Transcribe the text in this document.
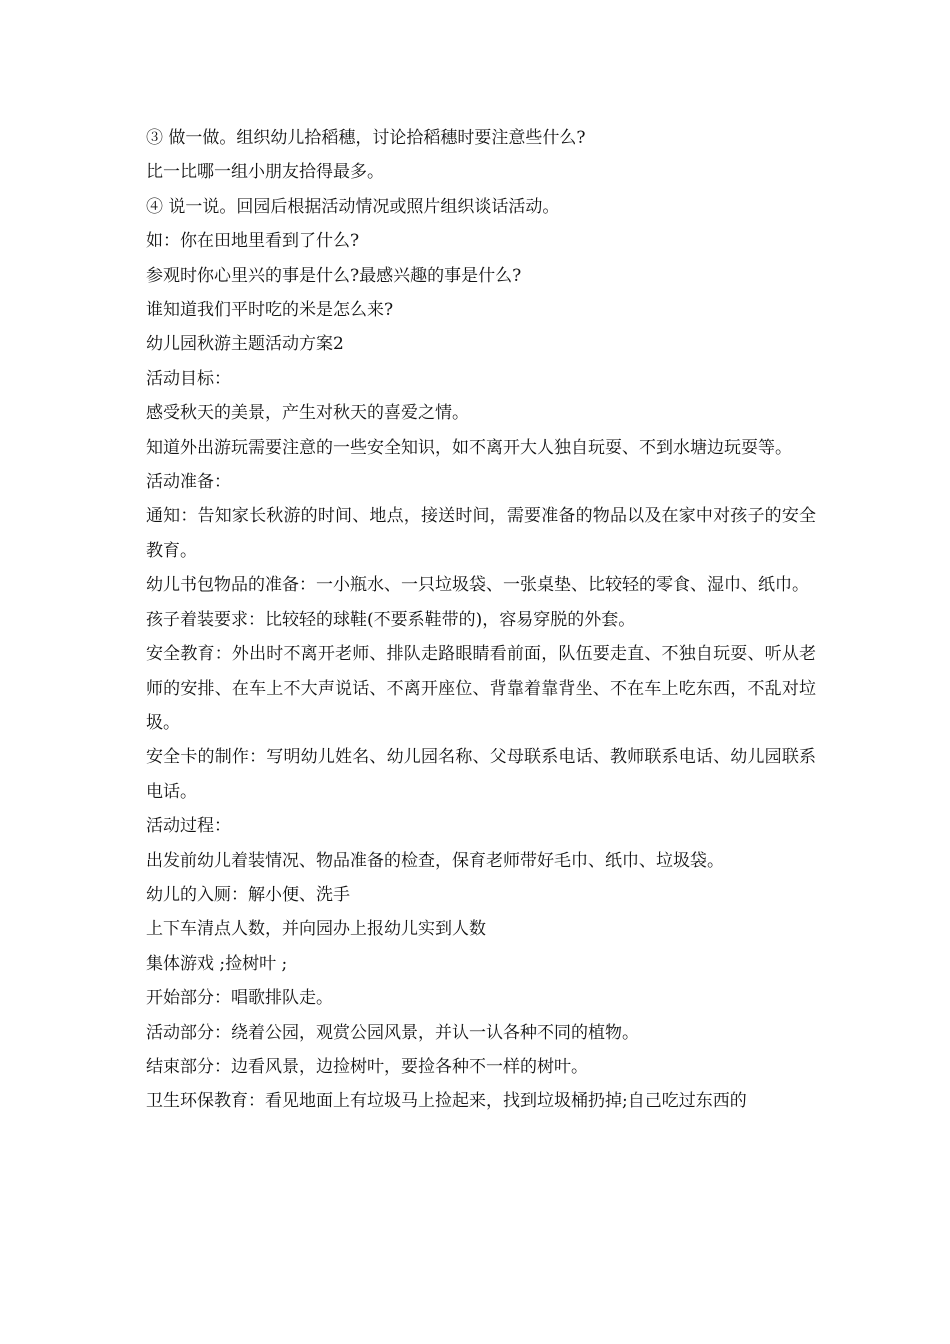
③ 做一做。组织幼儿拾稻穗，讨论拾稻穗时要注意些什么?

比一比哪一组小朋友拾得最多。

④ 说一说。回园后根据活动情况或照片组织谈话活动。

如：你在田地里看到了什么?

参观时你心里兴的事是什么?最感兴趣的事是什么?

谁知道我们平时吃的米是怎么来?

幼儿园秋游主题活动方案2

活动目标：

感受秋天的美景，产生对秋天的喜爱之情。

知道外出游玩需要注意的一些安全知识，如不离开大人独自玩耍、不到水塘边玩耍等。

活动准备：

通知：告知家长秋游的时间、地点，接送时间，需要准备的物品以及在家中对孩子的安全教育。

幼儿书包物品的准备：一小瓶水、一只垃圾袋、一张桌垫、比较轻的零食、湿巾、纸巾。

孩子着装要求：比较轻的球鞋(不要系鞋带的)，容易穿脱的外套。

安全教育：外出时不离开老师、排队走路眼睛看前面，队伍要走直、不独自玩耍、听从老师的安排、在车上不大声说话、不离开座位、背靠着靠背坐、不在车上吃东西，不乱对垃圾。

安全卡的制作：写明幼儿姓名、幼儿园名称、父母联系电话、教师联系电话、幼儿园联系电话。

活动过程：

出发前幼儿着装情况、物品准备的检查，保育老师带好毛巾、纸巾、垃圾袋。

幼儿的入厕：解小便、洗手

上下车清点人数，并向园办上报幼儿实到人数

集体游戏 ;捡树叶 ;

开始部分：唱歌排队走。

活动部分：绕着公园，观赏公园风景，并认一认各种不同的植物。

结束部分：边看风景，边捡树叶，要捡各种不一样的树叶。

卫生环保教育：看见地面上有垃圾马上捡起来，找到垃圾桶扔掉;自己吃过东西的
